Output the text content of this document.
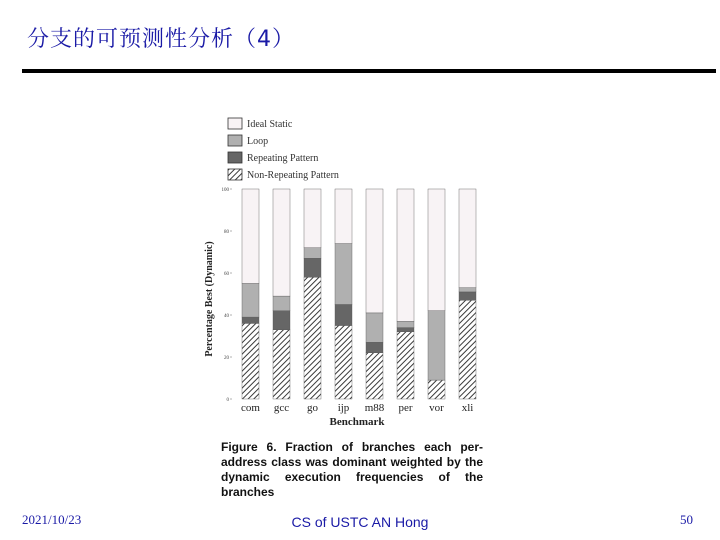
分支的可预测性分析（4）
Ideal Static
Loop
Repeating Pattern
Non-Repeating Pattern
0
20
40
60
80
100
com gcc go ijp m88 per vor xli
Percentage Best (Dynamic)
Benchmark
Figure 6. Fraction of branches each per-address class was dominant weighted by the dynamic execution frequencies of the branches
2021/10/23	CS of USTC AN Hong	50
